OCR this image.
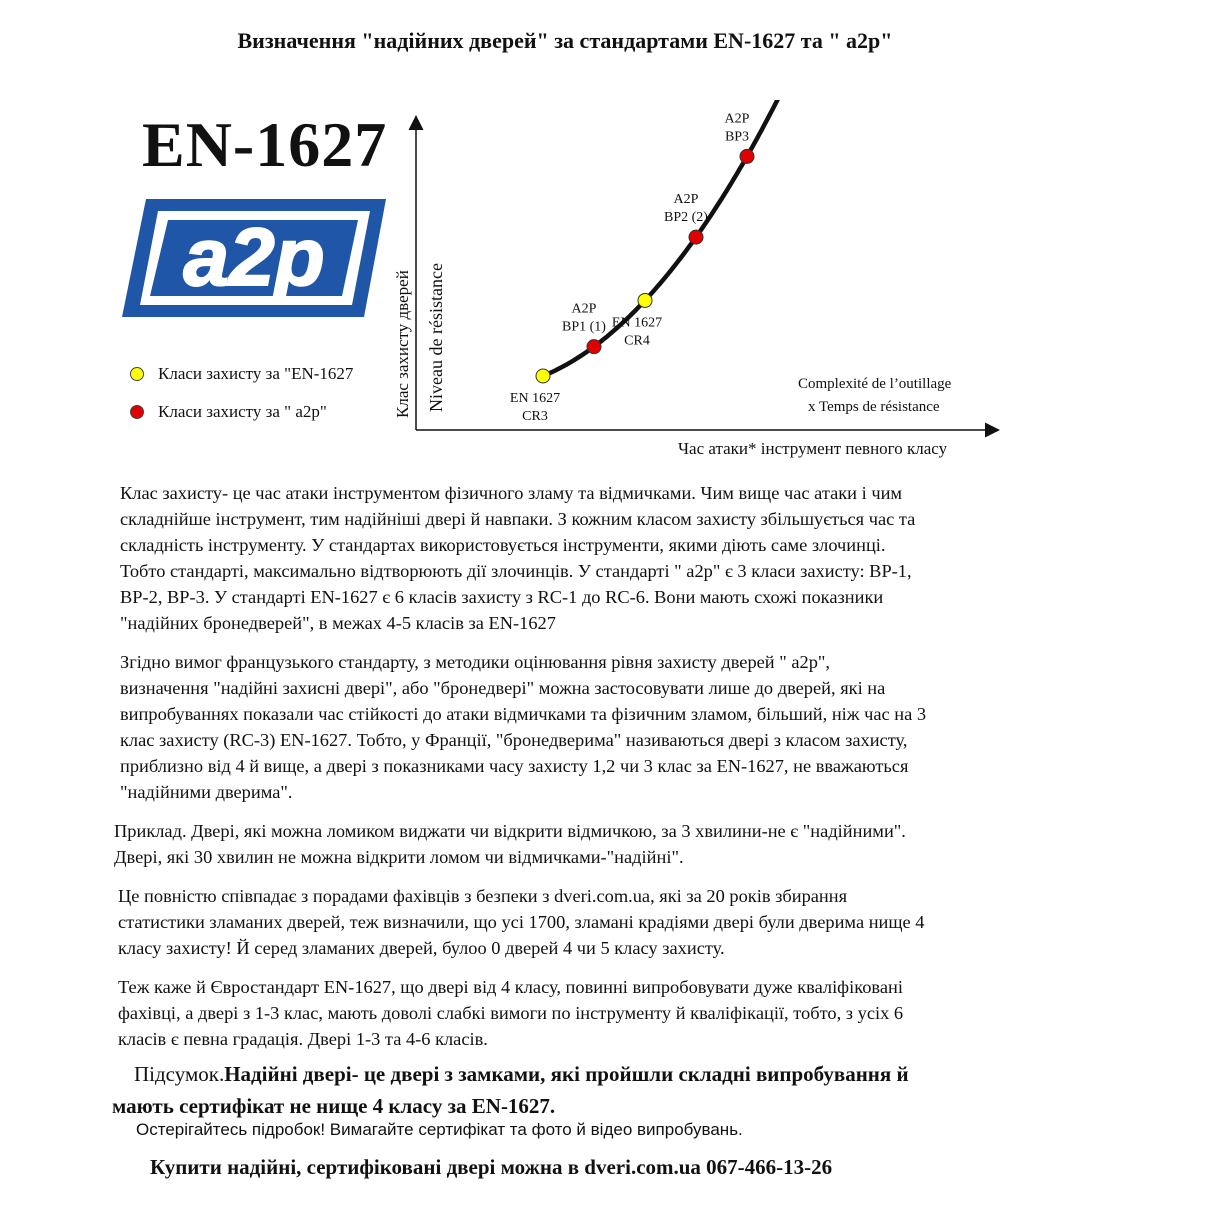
Визначення "надійних дверей" за стандартами EN-1627 та " a2p"
EN-1627
a2p
Класи захисту за "EN-1627
Класи захисту за " a2p"
EN 1627
CR3
A2P
BP1 (1) EN 1627
CR4
A2P
BP2 (2)
A2P
BP3
Клас захисту дверей Niveau de résistance	Complexité de l’outillage
x Temps de résistance
Час атаки* інструмент певного класу
Клас захисту- це час атаки інструментом фізичного зламу та відмичками. Чим вище час атаки і чим
складнійше інструмент, тим надійніші двері й навпаки. З кожним класом захисту збільшується час та
складність інструменту. У стандартах використовується інструменти, якими діють саме злочинці.
Тобто стандарті, максимально відтворюють дії злочинців. У стандарті " a2p" є 3 класи захисту: ВР-1,
ВР-2, ВР-3. У стандарті EN-1627 є 6 класів захисту з RC-1 до RC-6. Вони мають схожі показники
"надійних бронедверей", в межах 4-5 класів за EN-1627
Згідно вимог французького стандарту, з методики оцінювання рівня захисту дверей " a2p",
визначення "надійні захисні двері", або "бронедвері" можна застосовувати лише до дверей, які на
випробуваннях показали час стійкості до атаки відмичками та фізичним зламом, більший, ніж час на 3
клас захисту (RC-3) EN-1627. Тобто, у Франції, "бронедверима" називаються двері з класом захисту,
приблизно від 4 й вище, а двері з показниками часу захисту 1,2 чи 3 клас за EN-1627, не вважаються
"надійними дверима".
Приклад. Двері, які можна ломиком виджати чи відкрити відмичкою, за 3 хвилини-не є "надійними".
Двері, які 30 хвилин не можна відкрити ломом чи відмичками-"надійні".
Це повністю співпадає з порадами фахівців з безпеки з dveri.com.ua, які за 20 років збирання
статистики зламаних дверей, теж визначили, що усі 1700, зламані крадіями двері були дверима нище 4
класу захисту! Й серед зламаних дверей, булоо 0 дверей 4 чи 5 класу захисту.
Теж каже й Євростандарт EN-1627, що двері від 4 класу, повинні випробовувати дуже кваліфіковані
фахівці, а двері з 1-3 клас, мають доволі слабкі вимоги по інструменту й кваліфікації, тобто, з усіх 6
класів є певна градація. Двері 1-3 та 4-6 класів.
Підсумок.Надійні двері- це двері з замками, які пройшли складні випробування й
мають сертифікат не нище 4 класу за EN-1627.
Остерігайтесь підробок! Вимагайте сертифікат та фото й відео випробувань.
Купити надійні, сертифіковані двері можна в dveri.com.ua 067-466-13-26
